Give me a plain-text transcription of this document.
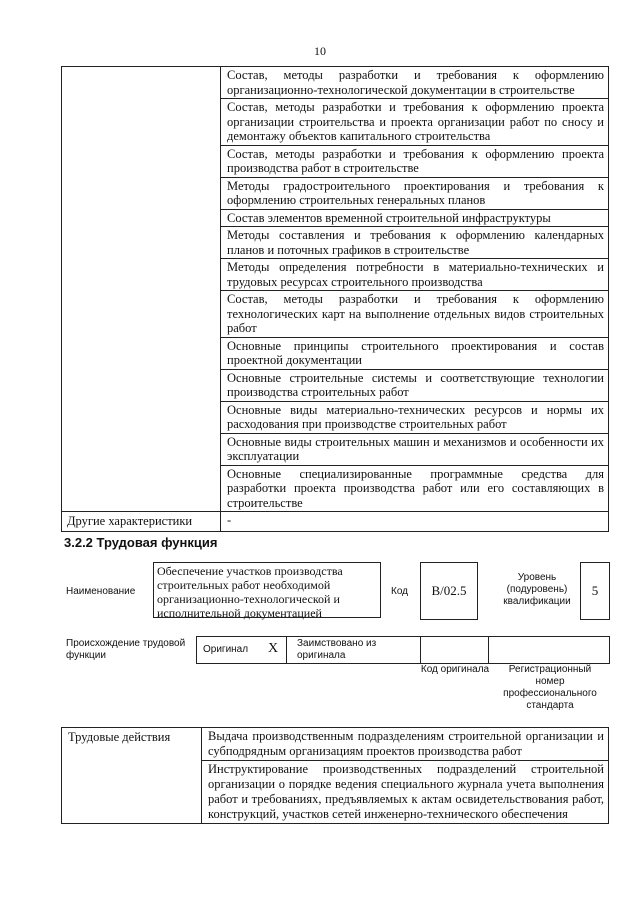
10
	Состав, методы разработки и требования к оформлению организационно-технологической документации в строительстве
	Состав, методы разработки и требования к оформлению проекта организации строительства и проекта организации работ по сносу и демонтажу объектов капитального строительства
	Состав, методы разработки и требования к оформлению проекта производства работ в строительстве
	Методы градостроительного проектирования и требования к оформлению строительных генеральных планов
	Состав элементов временной строительной инфраструктуры
	Методы составления и требования к оформлению календарных планов и поточных графиков в строительстве
	Методы определения потребности в материально-технических и трудовых ресурсах строительного производства
	Состав, методы разработки и требования к оформлению технологических карт на выполнение отдельных видов строительных работ
	Основные принципы строительного проектирования и состав проектной документации
	Основные строительные системы и соответствующие технологии производства строительных работ
	Основные виды материально-технических ресурсов и нормы их расходования при производстве строительных работ
	Основные виды строительных машин и механизмов и особенности их эксплуатации
	Основные специализированные программные средства для разработки проекта производства работ или его составляющих в строительстве
Другие характеристики	-
3.2.2 Трудовая функция
Наименование
Обеспечение участков производства строительных работ необходимой организационно-технологической и исполнительной документацией
Код	В/02.5
Уровень (подуровень) квалификации
5
Происхождение трудовой функции
Оригинал X Заимствовано из оригинала
Код оригинала	Регистрационный номер профессионального стандарта
Трудовые действия	Выдача производственным подразделениям строительной организации и субподрядным организациям проектов производства работ
Инструктирование производственных подразделений строительной организации о порядке ведения специального журнала учета выполнения работ и требованиях, предъявляемых к актам освидетельствования работ, конструкций, участков сетей инженерно-технического обеспечения
